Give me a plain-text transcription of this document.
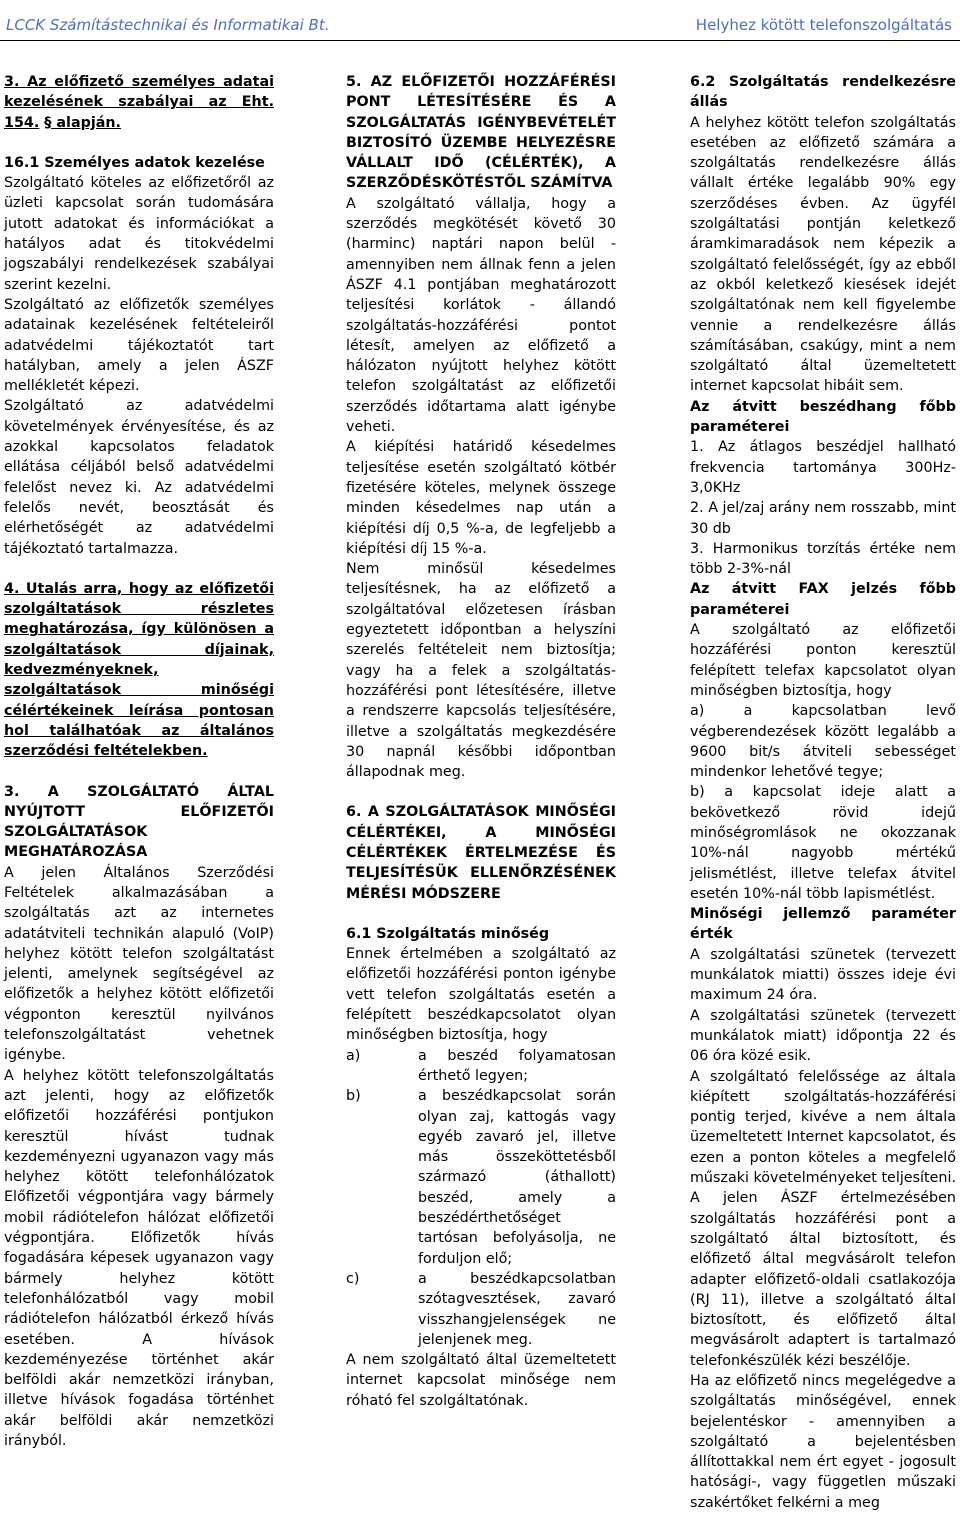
LCCK Számítástechnikai és Informatikai Bt.	Helyhez kötött telefonszolgáltatás

3. Az előfizető személyes adatai kezelésének szabályai az Eht. 154. § alapján.

16.1 Személyes adatok kezelése

Szolgáltató köteles az előfizetőről az üzleti kapcsolat során tudomására jutott adatokat és információkat a hatályos adat és titokvédelmi jogszabályi rendelkezések szabályai szerint kezelni.

Szolgáltató az előfizetők személyes adatainak kezelésének feltételeiről adatvédelmi tájékoztatót tart hatályban, amely a jelen ÁSZF mellékletét képezi.

Szolgáltató az adatvédelmi követelmények érvényesítése, és az azokkal kapcsolatos feladatok ellátása céljából belső adatvédelmi felelőst nevez ki. Az adatvédelmi felelős nevét, beosztását és elérhetőségét az adatvédelmi tájékoztató tartalmazza.

4. Utalás arra, hogy az előfizetői szolgáltatások részletes meghatározása, így különösen a szolgáltatások díjainak, kedvezményeknek, szolgáltatások minőségi célértékeinek leírása pontosan hol találhatóak az általános szerződési feltételekben.

3. A SZOLGÁLTATÓ ÁLTAL NYÚJTOTT ELŐFIZETŐI SZOLGÁLTATÁSOK MEGHATÁROZÁSA

A jelen Általános Szerződési Feltételek alkalmazásában a szolgáltatás azt az internetes adatátviteli technikán alapuló (VoIP) helyhez kötött telefon szolgáltatást jelenti, amelynek segítségével az előfizetők a helyhez kötött előfizetői végponton keresztül nyilvános telefonszolgáltatást vehetnek igénybe.

A helyhez kötött telefonszolgáltatás azt jelenti, hogy az előfizetők előfizetői hozzáférési pontjukon keresztül hívást tudnak kezdeményezni ugyanazon vagy más helyhez kötött telefonhálózatok Előfizetői végpontjára vagy bármely mobil rádiótelefon hálózat előfizetői végpontjára. Előfizetők hívás fogadására képesek ugyanazon vagy bármely helyhez kötött telefonhálózatból vagy mobil rádiótelefon hálózatból érkező hívás esetében. A hívások kezdeményezése történhet akár belföldi akár nemzetközi irányban, illetve hívások fogadása történhet akár belföldi akár nemzetközi irányból.

5. AZ ELŐFIZETŐI HOZZÁFÉRÉSI PONT LÉTESÍTÉSÉRE ÉS A SZOLGÁLTATÁS IGÉNYBEVÉTELÉT BIZTOSÍTÓ ÜZEMBE HELYEZÉSRE VÁLLALT IDŐ (CÉLÉRTÉK), A SZERZŐDÉSKÖTÉSTŐL SZÁMÍTVA

A szolgáltató vállalja, hogy a szerződés megkötését követő 30 (harminc) naptári napon belül - amennyiben nem állnak fenn a jelen ÁSZF 4.1 pontjában meghatározott teljesítési korlátok - állandó szolgáltatás-hozzáférési pontot létesít, amelyen az előfizető a hálózaton nyújtott helyhez kötött telefon szolgáltatást az előfizetői szerződés időtartama alatt igénybe veheti.

A kiépítési határidő késedelmes teljesítése esetén szolgáltató kötbér fizetésére köteles, melynek összege minden késedelmes nap után a kiépítési díj 0,5 %-a, de legfeljebb a kiépítési díj 15 %-a.

Nem minősül késedelmes teljesítésnek, ha az előfizető a szolgáltatóval előzetesen írásban egyeztetett időpontban a helyszíni szerelés feltételeit nem biztosítja; vagy ha a felek a szolgáltatás-hozzáférési pont létesítésére, illetve a rendszerre kapcsolás teljesítésére, illetve a szolgáltatás megkezdésére 30 napnál későbbi időpontban állapodnak meg.

6. A SZOLGÁLTATÁSOK MINŐSÉGI CÉLÉRTÉKEI, A MINŐSÉGI CÉLÉRTÉKEK ÉRTELMEZÉSE ÉS TELJESÍTÉSÜK ELLENŐRZÉSÉNEK MÉRÉSI MÓDSZERE

6.1 Szolgáltatás minőség

Ennek értelmében a szolgáltató az előfizetői hozzáférési ponton igénybe vett telefon szolgáltatás esetén a felépített beszédkapcsolatot olyan minőségben biztosítja, hogy

a)	a beszéd folyamatosan érthető legyen;
b)	a beszédkapcsolat során olyan zaj, kattogás vagy egyéb zavaró jel, illetve más összeköttetésből származó (áthallott) beszéd, amely a beszédérthetőséget tartósan befolyásolja, ne forduljon elő;
c)	a beszédkapcsolatban szótagvesztések, zavaró visszhangjelenségek ne jelenjenek meg.

A nem szolgáltató által üzemeltetett internet kapcsolat minősége nem róható fel szolgáltatónak.

6.2 Szolgáltatás rendelkezésre állás

A helyhez kötött telefon szolgáltatás esetében az előfizető számára a szolgáltatás rendelkezésre állás vállalt értéke legalább 90% egy szerződéses évben. Az ügyfél szolgáltatási pontján keletkező áramkimaradások nem képezik a szolgáltató felelősségét, így az ebből az okból keletkező kiesések idejét szolgáltatónak nem kell figyelembe vennie a rendelkezésre állás számításában, csakúgy, mint a nem szolgáltató által üzemeltetett internet kapcsolat hibáit sem.

Az átvitt beszédhang főbb paraméterei

1. Az átlagos beszédjel hallható frekvencia tartománya 300Hz-3,0KHz

2. A jel/zaj arány nem rosszabb, mint 30 db

3. Harmonikus torzítás értéke nem több 2-3%-nál

Az átvitt FAX jelzés főbb paraméterei

A szolgáltató az előfizetői hozzáférési ponton keresztül felépített telefax kapcsolatot olyan minőségben biztosítja, hogy

a) a kapcsolatban levő végberendezések között legalább a 9600 bit/s átviteli sebességet mindenkor lehetővé tegye;

b) a kapcsolat ideje alatt a bekövetkező rövid idejű minőségromlások ne okozzanak 10%-nál nagyobb mértékű jelismétlést, illetve telefax átvitel esetén 10%-nál több lapismétlést.

Minőségi jellemző paraméter érték

A szolgáltatási szünetek (tervezett munkálatok miatti) összes ideje évi maximum 24 óra.

A szolgáltatási szünetek (tervezett munkálatok miatt) időpontja 22 és 06 óra közé esik.

A szolgáltató felelőssége az általa kiépített szolgáltatás-hozzáférési pontig terjed, kivéve a nem általa üzemeltetett Internet kapcsolatot, és ezen a ponton köteles a megfelelő műszaki követelményeket teljesíteni. A jelen ÁSZF értelmezésében szolgáltatás hozzáférési pont a szolgáltató által biztosított, és előfizető által megvásárolt telefon adapter előfizető-oldali csatlakozója (RJ 11), illetve a szolgáltató által biztosított, és előfizető által megvásárolt adaptert is tartalmazó telefonkészülék kézi beszélője.

Ha az előfizető nincs megelégedve a szolgáltatás minőségével, ennek bejelentéskor - amennyiben a szolgáltató a bejelentésben állítottakkal nem ért egyet - jogosult hatósági-, vagy független műszaki szakértőket felkérni a meg
